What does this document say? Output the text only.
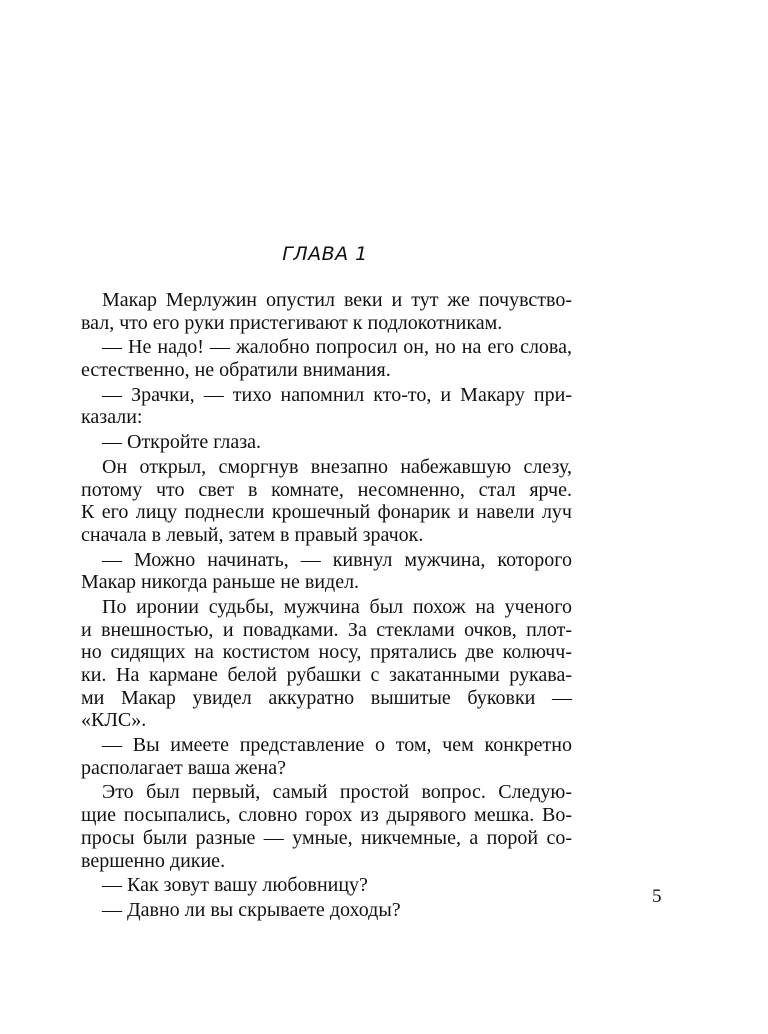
ГЛАВА 1
Макар Мерлужин опустил веки и тут же почувство-
вал, что его руки пристегивают к подлокотникам.
— Не надо! — жалобно попросил он, но на его слова,
естественно, не обратили внимания.
— Зрачки, — тихо напомнил кто-то, и Макару при-
казали:
— Откройте глаза.
Он открыл, сморгнув внезапно набежавшую слезу,
потому что свет в комнате, несомненно, стал ярче.
К его лицу поднесли крошечный фонарик и навели луч
сначала в левый, затем в правый зрачок.
— Можно начинать, — кивнул мужчина, которого
Макар никогда раньше не видел.
По иронии судьбы, мужчина был похож на ученого
и внешностью, и повадками. За стеклами очков, плот-
но сидящих на костистом носу, прятались две колючч-
ки. На кармане белой рубашки с закатанными рукава-
ми Макар увидел аккуратно вышитые буковки —
«КЛС».
— Вы имеете представление о том, чем конкретно
располагает ваша жена?
Это был первый, самый простой вопрос. Следую-
щие посыпались, словно горох из дырявого мешка. Во-
просы были разные — умные, никчемные, а порой со-
вершенно дикие.
— Как зовут вашу любовницу?
— Давно ли вы скрываете доходы?
5
